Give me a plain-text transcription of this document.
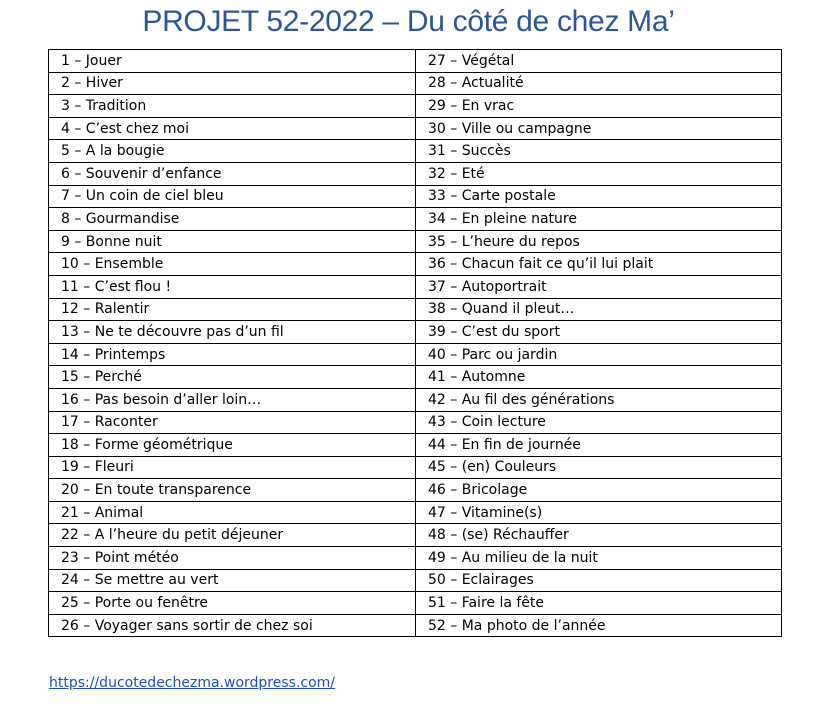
PROJET 52-2022 – Du côté de chez Ma’
1 – Jouer	27 – Végétal
2 – Hiver	28 – Actualité
3 – Tradition	29 – En vrac
4 – C’est chez moi	30 – Ville ou campagne
5 – A la bougie	31 – Succès
6 – Souvenir d’enfance	32 – Eté
7 – Un coin de ciel bleu	33 – Carte postale
8 – Gourmandise	34 – En pleine nature
9 – Bonne nuit	35 – L’heure du repos
10 – Ensemble	36 – Chacun fait ce qu’il lui plait
11 – C’est flou !	37 – Autoportrait
12 – Ralentir	38 – Quand il pleut…
13 – Ne te découvre pas d’un fil	39 – C’est du sport
14 – Printemps	40 – Parc ou jardin
15 – Perché	41 – Automne
16 – Pas besoin d’aller loin…	42 – Au fil des générations
17 – Raconter	43 – Coin lecture
18 – Forme géométrique	44 – En fin de journée
19 – Fleuri	45 – (en) Couleurs
20 – En toute transparence	46 – Bricolage
21 – Animal	47 – Vitamine(s)
22 – A l’heure du petit déjeuner	48 – (se) Réchauffer
23 – Point météo	49 – Au milieu de la nuit
24 – Se mettre au vert	50 – Eclairages
25 – Porte ou fenêtre	51 – Faire la fête
26 – Voyager sans sortir de chez soi	52 – Ma photo de l’année
https://ducotedechezma.wordpress.com/
